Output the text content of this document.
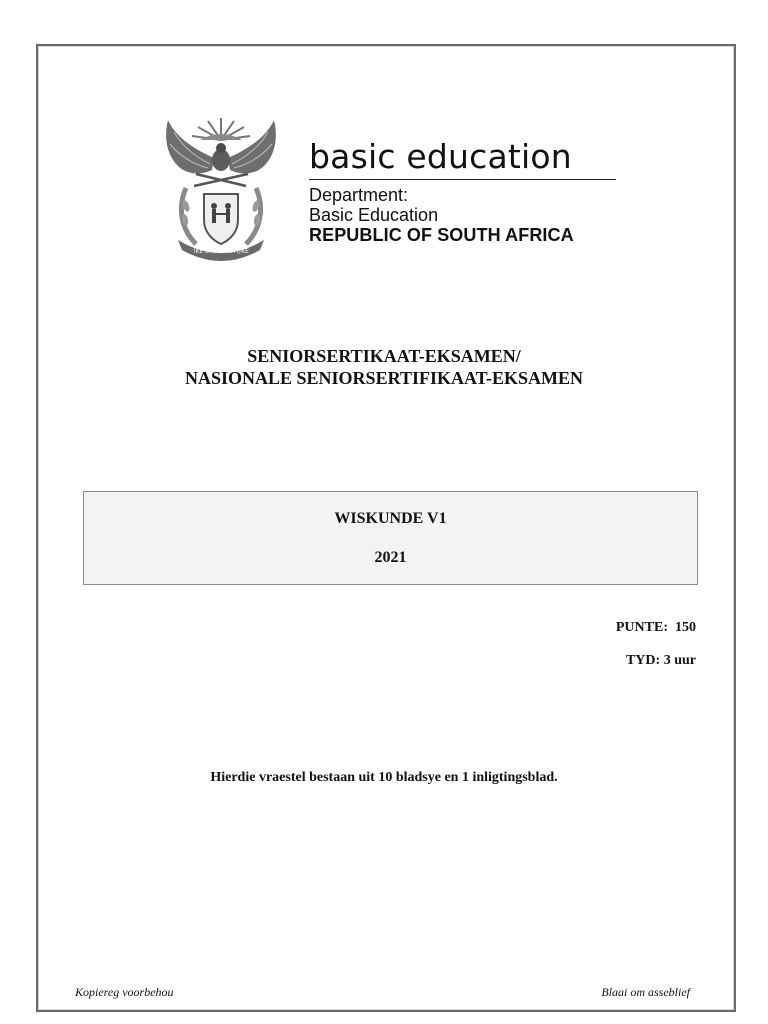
!KE E: /XARRA //KE
basic education
Department:
Basic Education
REPUBLIC OF SOUTH AFRICA
SENIORSERTIKAAT-EKSAMEN/
NASIONALE SENIORSERTIFIKAAT-EKSAMEN
WISKUNDE V1
2021
PUNTE: 150
TYD: 3 uur
Hierdie vraestel bestaan uit 10 bladsye en 1 inligtingsblad.
Kopiereg voorbehou	Blaai om asseblief
